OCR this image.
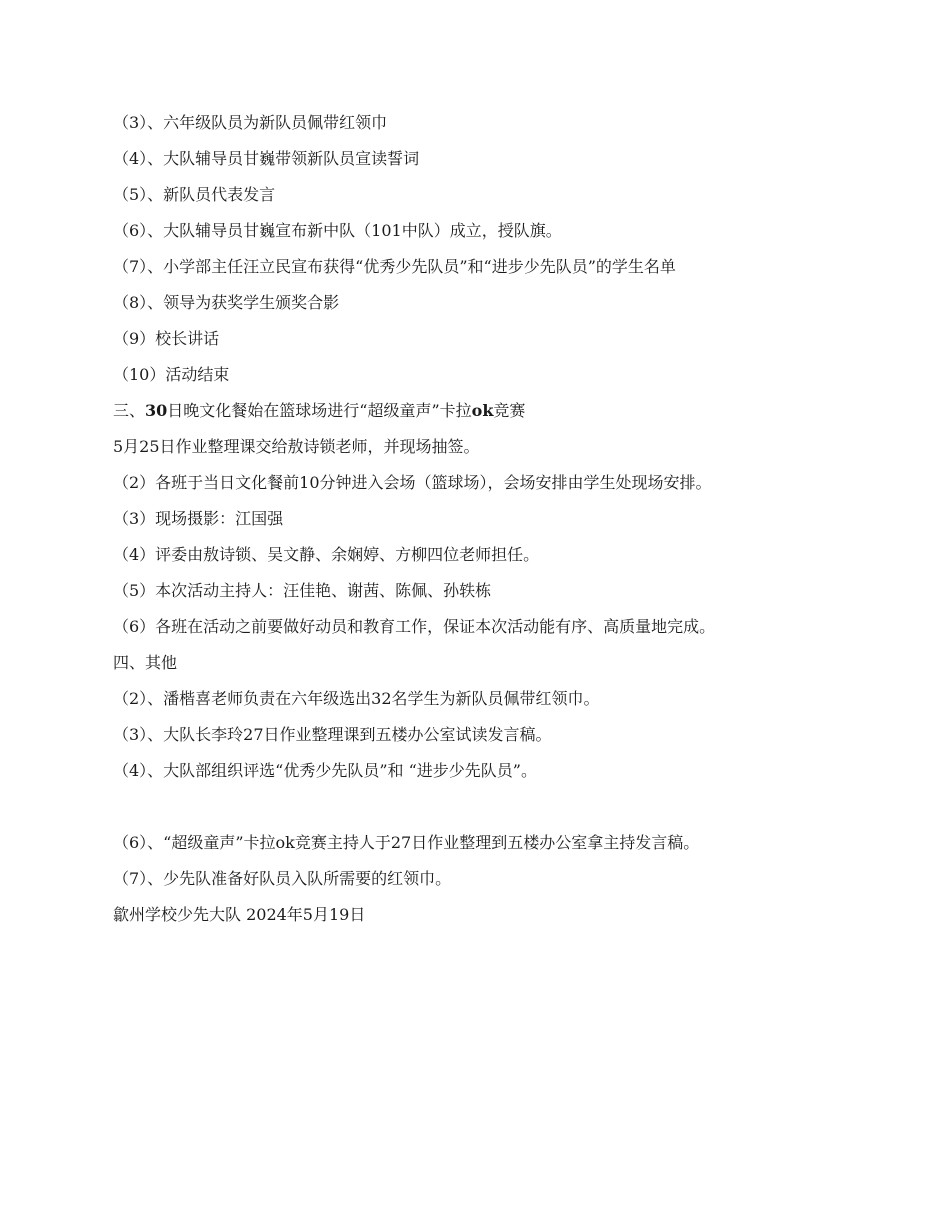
（3）、六年级队员为新队员佩带红领巾
（4）、大队辅导员甘巍带领新队员宣读誓词
（5）、新队员代表发言
（6）、大队辅导员甘巍宣布新中队（101中队）成立，授队旗。
（7）、小学部主任汪立民宣布获得“优秀少先队员”和“进步少先队员”的学生名单
（8）、领导为获奖学生颁奖合影
（9）校长讲话
（10）活动结束
三、30日晚文化餐始在篮球场进行“超级童声”卡拉ok竞赛
5月25日作业整理课交给敖诗锁老师，并现场抽签。
（2）各班于当日文化餐前10分钟进入会场（篮球场），会场安排由学生处现场安排。
（3）现场摄影：江国强
（4）评委由敖诗锁、吴文静、余娴婷、方柳四位老师担任。
（5）本次活动主持人：汪佳艳、谢茜、陈佩、孙轶栋
（6）各班在活动之前要做好动员和教育工作，保证本次活动能有序、高质量地完成。
四、其他
（2）、潘楷喜老师负责在六年级选出32名学生为新队员佩带红领巾。
（3）、大队长李玲27日作业整理课到五楼办公室试读发言稿。
（4）、大队部组织评选“优秀少先队员”和 “进步少先队员”。
（6）、“超级童声”卡拉ok竞赛主持人于27日作业整理到五楼办公室拿主持发言稿。
（7）、少先队准备好队员入队所需要的红领巾。
歙州学校少先大队 2024年5月19日
